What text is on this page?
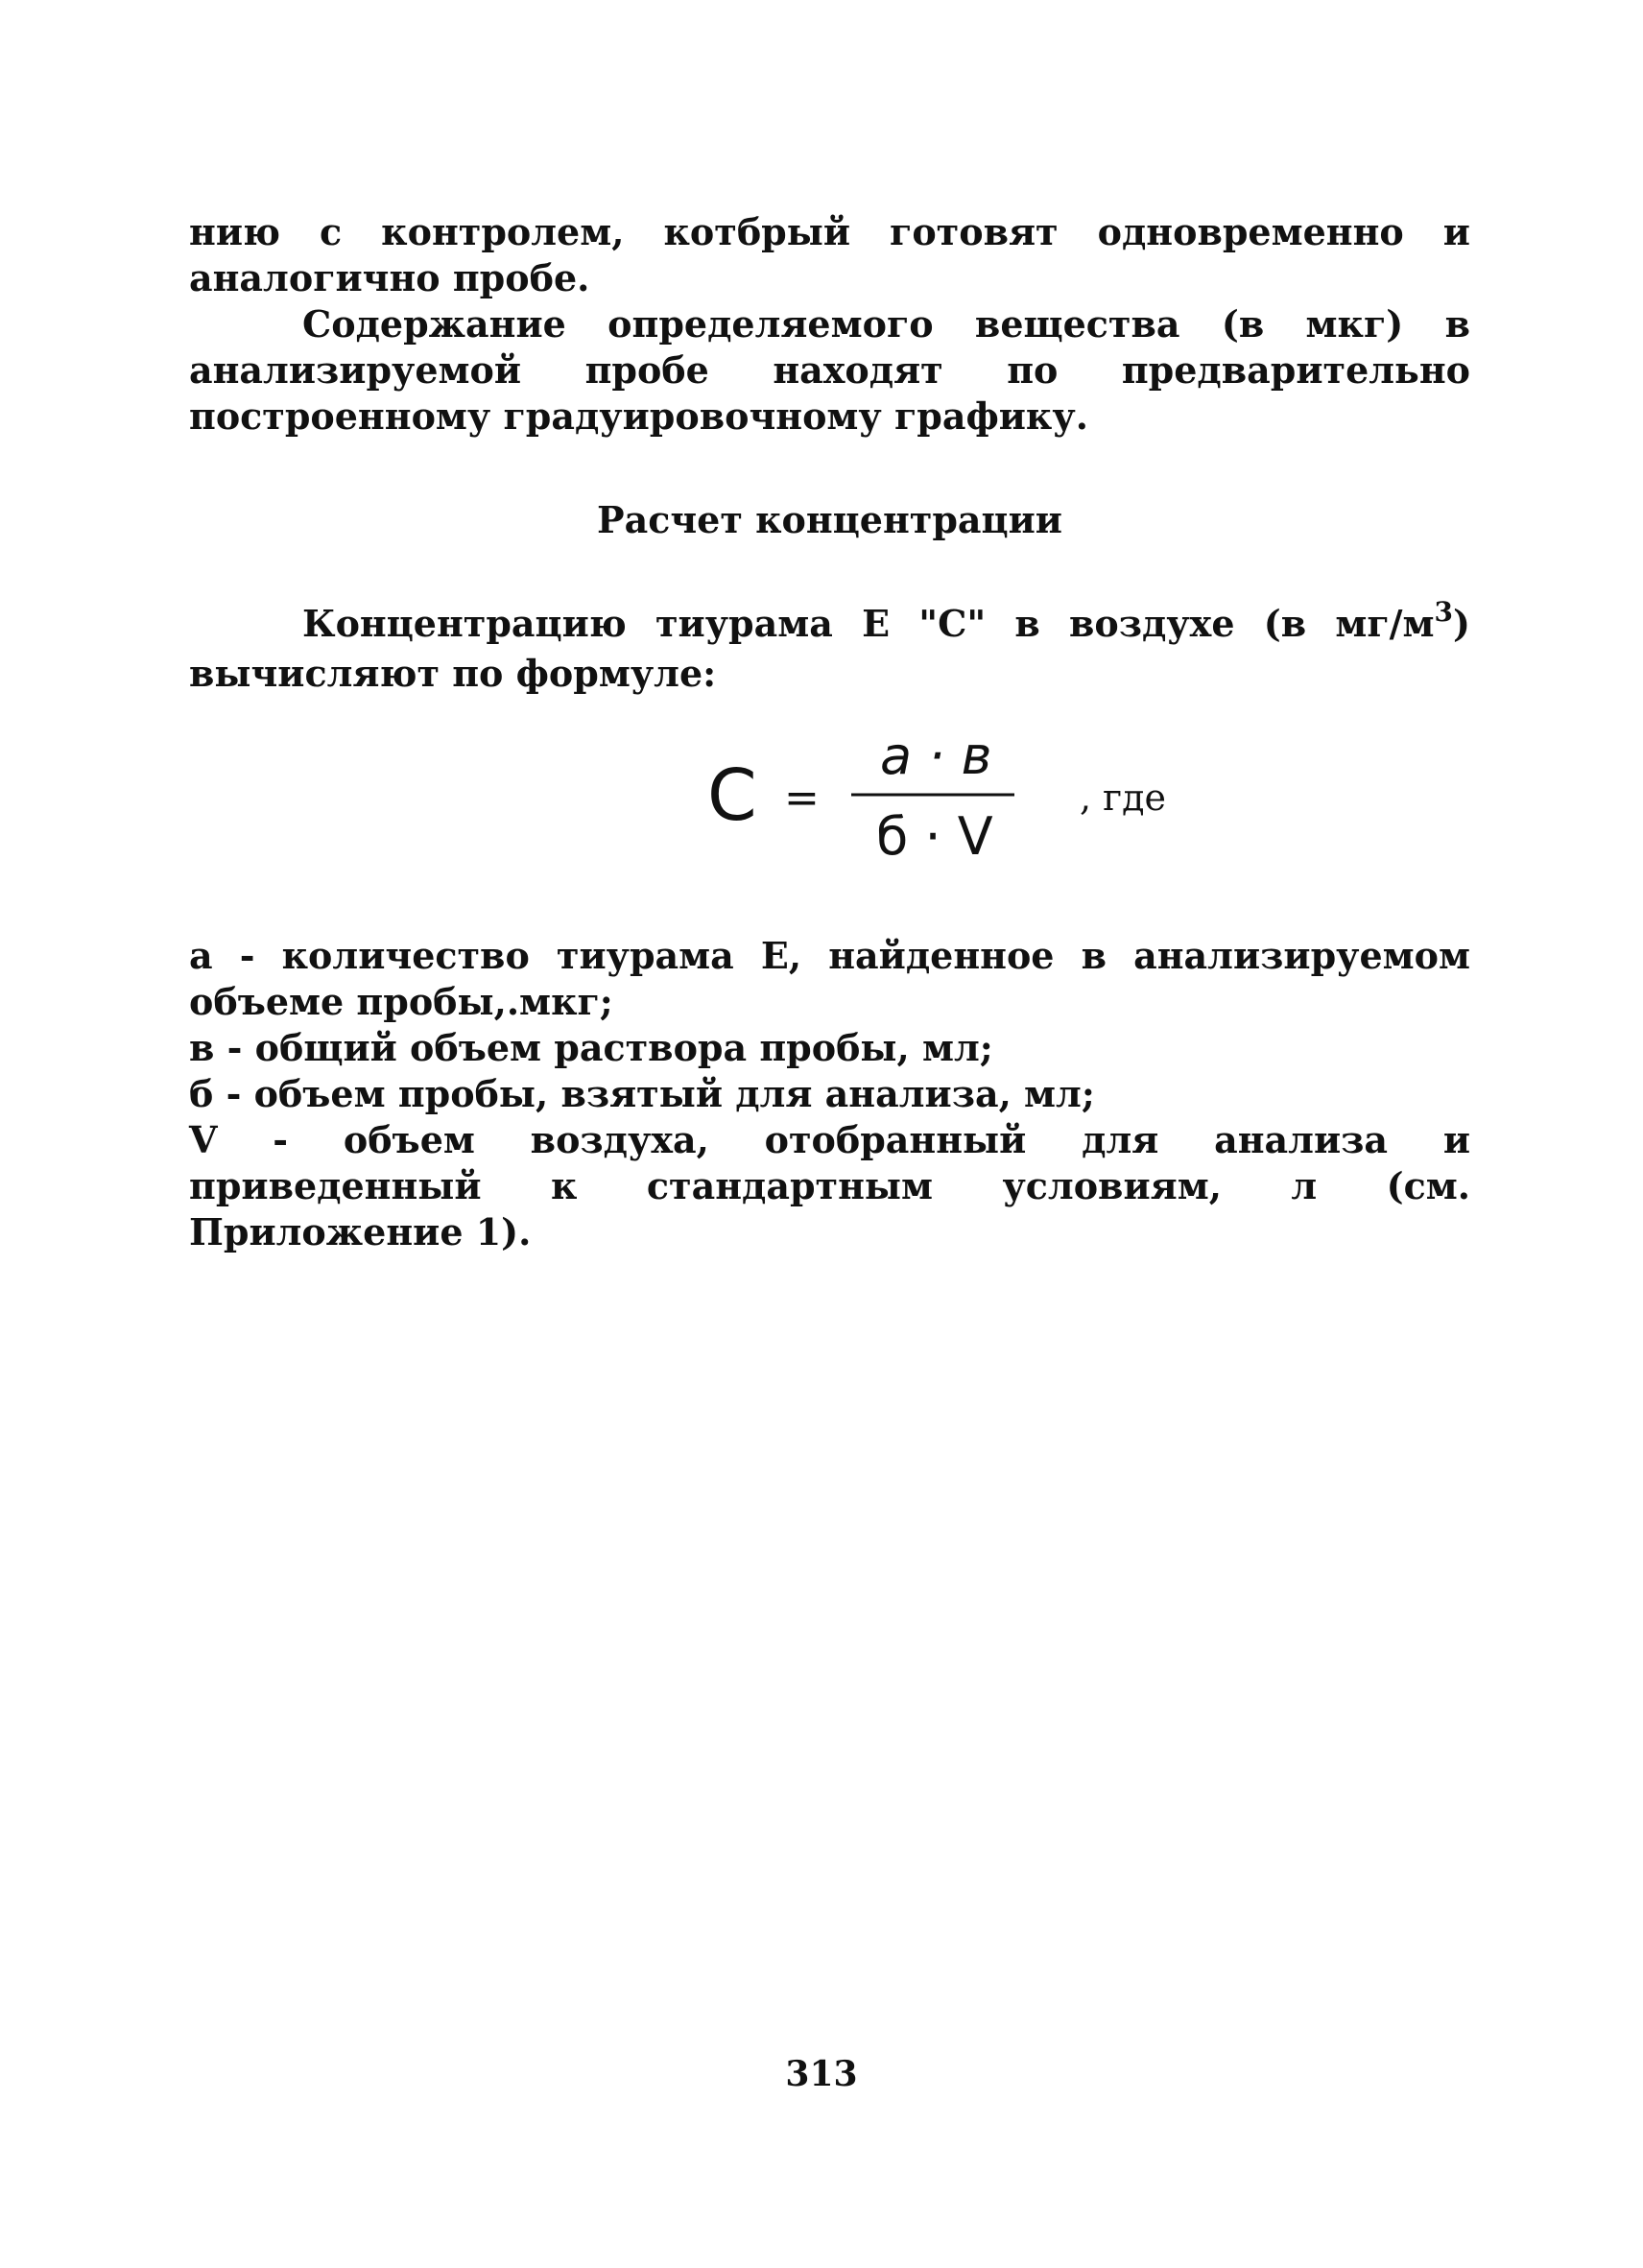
нию с контролем, котбрый готовят одновременно и аналогично пробе.

Содержание определяемого вещества (в мкг) в анализируемой пробе находят по предварительно построенному градуировочному графику.

Расчет концентрации

Концентрацию тиурама Е "С" в воздухе (в $мг/м^3$) вычисляют по формуле:

C =
a · в
б · V
, где

а - количество тиурама Е, найденное в анализируемом объеме пробы,.мкг;

в - общий объем раствора пробы, мл;

б - объем пробы, взятый для анализа, мл;

V - объем воздуха, отобранный для анализа и приведенный к стандартным условиям, л (см. Приложение 1).

313
